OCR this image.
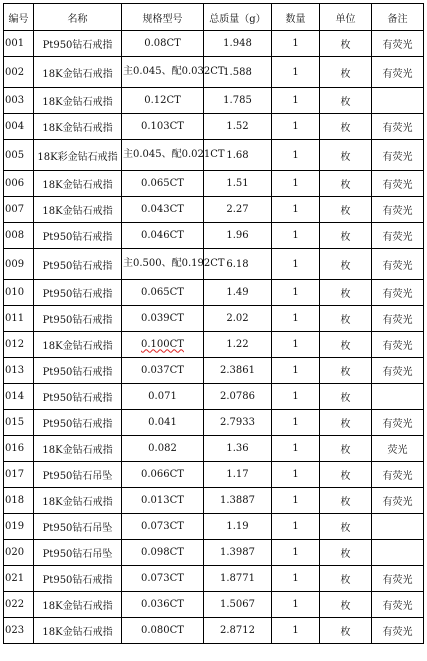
编号	名称	规格型号	总质量（g）	数量	单位	备注
001	Pt950钻石戒指	0.08CT	1.948	1	枚	有荧光
002	18K金钻石戒指	主0.045、配0.032CT	1.588	1	枚	有荧光
003	18K金钻石戒指	0.12CT	1.785	1	枚	
004	18K金钻石戒指	0.103CT	1.52	1	枚	有荧光
005	18K彩金钻石戒指	主0.045、配0.021CT	1.68	1	枚	有荧光
006	18K金钻石戒指	0.065CT	1.51	1	枚	有荧光
007	18K金钻石戒指	0.043CT	2.27	1	枚	有荧光
008	Pt950钻石戒指	0.046CT	1.96	1	枚	有荧光
009	Pt950钻石戒指	主0.500、配0.192CT	6.18	1	枚	有荧光
010	Pt950钻石戒指	0.065CT	1.49	1	枚	有荧光
011	Pt950钻石戒指	0.039CT	2.02	1	枚	有荧光
012	18K金钻石戒指	0.100CT	1.22	1	枚	有荧光
013	Pt950钻石戒指	0.037CT	2.3861	1	枚	有荧光
014	Pt950钻石戒指	0.071	2.0786	1	枚	
015	Pt950钻石戒指	0.041	2.7933	1	枚	有荧光
016	18K金钻石戒指	0.082	1.36	1	枚	荧光
017	Pt950钻石吊坠	0.066CT	1.17	1	枚	有荧光
018	18K金钻石戒指	0.013CT	1.3887	1	枚	有荧光
019	Pt950钻石吊坠	0.073CT	1.19	1	枚	
020	Pt950钻石吊坠	0.098CT	1.3987	1	枚	
021	Pt950钻石戒指	0.073CT	1.8771	1	枚	有荧光
022	18K金钻石戒指	0.036CT	1.5067	1	枚	有荧光
023	18K金钻石戒指	0.080CT	2.8712	1	枚	有荧光
